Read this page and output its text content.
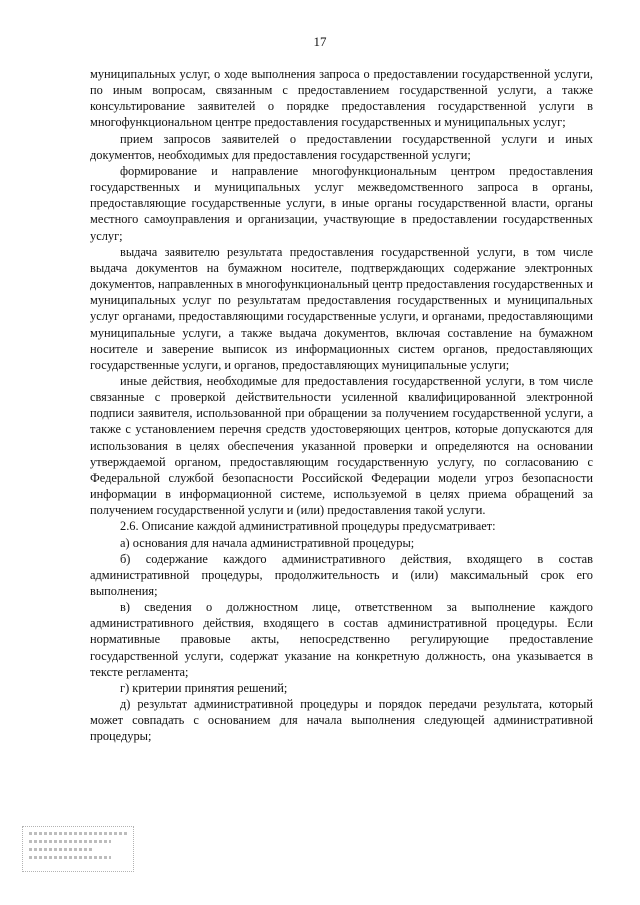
17

муниципальных услуг, о ходе выполнения запроса о предоставлении государственной услуги, по иным вопросам, связанным с предоставлением государственной услуги, а также консультирование заявителей о порядке предоставления государственной услуги в многофункциональном центре предоставления государственных и муниципальных услуг;

прием запросов заявителей о предоставлении государственной услуги и иных документов, необходимых для предоставления государственной услуги;

формирование и направление многофункциональным центром предоставления государственных и муниципальных услуг межведомственного запроса в органы, предоставляющие государственные услуги, в иные органы государственной власти, органы местного самоуправления и организации, участвующие в предоставлении государственных услуг;

выдача заявителю результата предоставления государственной услуги, в том числе выдача документов на бумажном носителе, подтверждающих содержание электронных документов, направленных в многофункциональный центр предоставления государственных и муниципальных услуг по результатам предоставления государственных и муниципальных услуг органами, предоставляющими государственные услуги, и органами, предоставляющими муниципальные услуги, а также выдача документов, включая составление на бумажном носителе и заверение выписок из информационных систем органов, предоставляющих государственные услуги, и органов, предоставляющих муниципальные услуги;

иные действия, необходимые для предоставления государственной услуги, в том числе связанные с проверкой действительности усиленной квалифицированной электронной подписи заявителя, использованной при обращении за получением государственной услуги, а также с установлением перечня средств удостоверяющих центров, которые допускаются для использования в целях обеспечения указанной проверки и определяются на основании утверждаемой органом, предоставляющим государственную услугу, по согласованию с Федеральной службой безопасности Российской Федерации модели угроз безопасности информации в информационной системе, используемой в целях приема обращений за получением государственной услуги и (или) предоставления такой услуги.

2.6. Описание каждой административной процедуры предусматривает:

а) основания для начала административной процедуры;

б) содержание каждого административного действия, входящего в состав административной процедуры, продолжительность и (или) максимальный срок его выполнения;

в) сведения о должностном лице, ответственном за выполнение каждого административного действия, входящего в состав административной процедуры. Если нормативные правовые акты, непосредственно регулирующие предоставление государственной услуги, содержат указание на конкретную должность, она указывается в тексте регламента;

г) критерии принятия решений;

д) результат административной процедуры и порядок передачи результата, который может совпадать с основанием для начала выполнения следующей административной процедуры;
